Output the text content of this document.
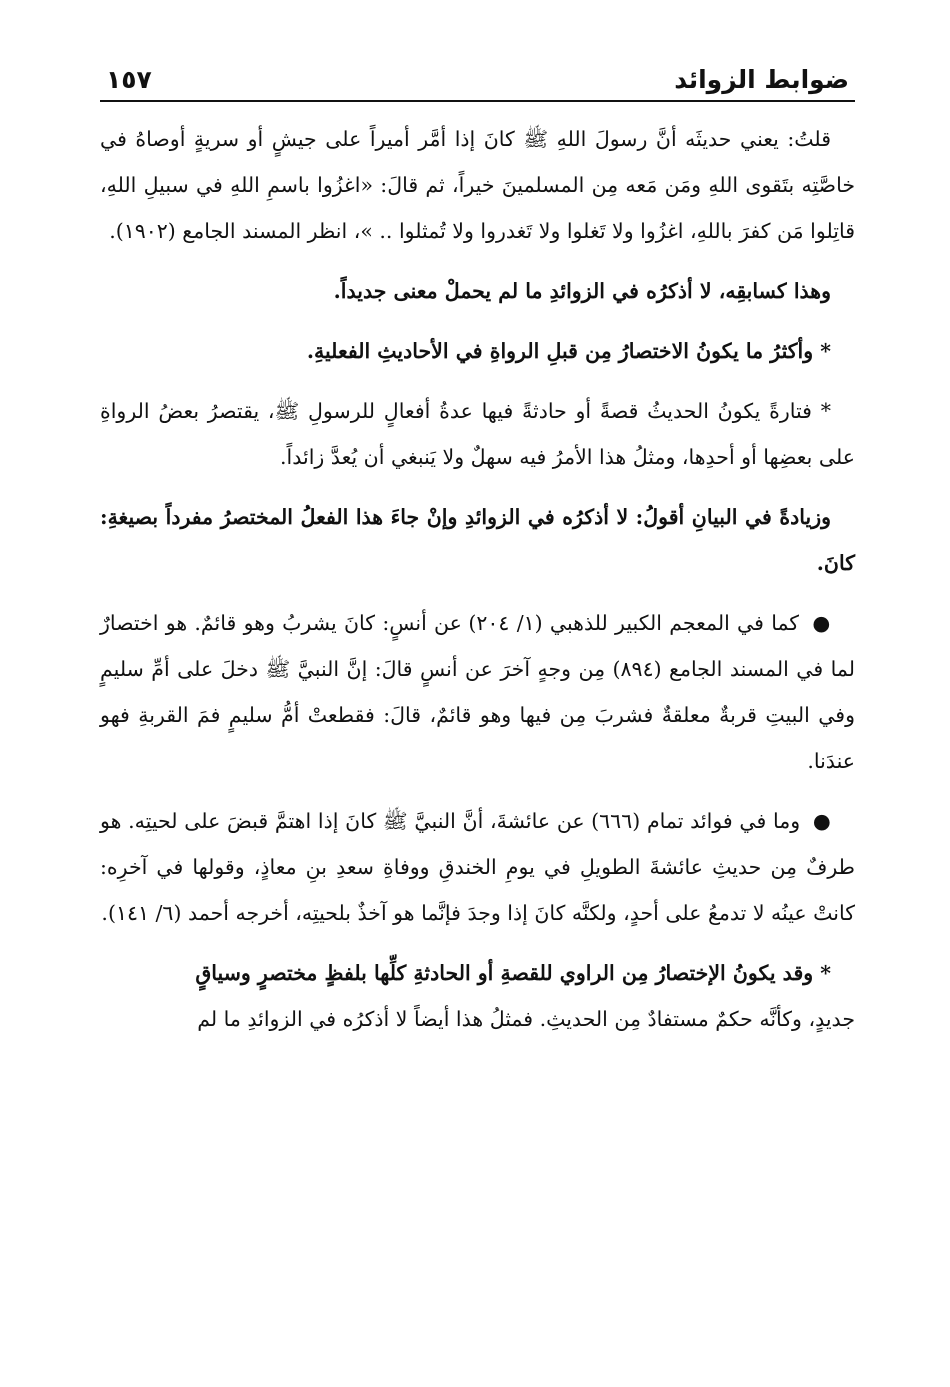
ضوابط الزوائد
١٥٧

قلتُ: يعني حديثَه أنَّ رسولَ اللهِ ﷺ كانَ إذا أمَّر أميراً على جيشٍ أو سريةٍ أوصاهُ في خاصَّتِه بتَقوى اللهِ ومَن مَعه مِن المسلمينَ خيراً، ثم قالَ: «اغزُوا باسمِ اللهِ في سبيلِ اللهِ، قاتِلوا مَن كفرَ باللهِ، اغزُوا ولا تَغلوا ولا تَغدروا ولا تُمثلوا .. »، انظر المسند الجامع (١٩٠٢).

وهذا كسابقِه، لا أذكرُه في الزوائدِ ما لم يحملْ معنى جديداً.

* وأكثرُ ما يكونُ الاختصارُ مِن قبلِ الرواةِ في الأحاديثِ الفعليةِ.

* فتارةً يكونُ الحديثُ قصةً أو حادثةً فيها عدةُ أفعالٍ للرسولِ ﷺ، يقتصرُ بعضُ الرواةِ على بعضِها أو أحدِها، ومثلُ هذا الأمرُ فيه سهلٌ ولا يَنبغي أن يُعدَّ زائداً.

وزيادةً في البيانِ أقولُ: لا أذكرُه في الزوائدِ وإنْ جاءَ هذا الفعلُ المختصرُ مفرداً بصيغةِ: كانَ.

● كما في المعجم الكبير للذهبي (١/ ٢٠٤) عن أنسٍ: كانَ يشربُ وهو قائمٌ. هو اختصارٌ لما في المسند الجامع (٨٩٤) مِن وجهٍ آخرَ عن أنسٍ قالَ: إنَّ النبيَّ ﷺ دخلَ على أمِّ سليمٍ وفي البيتِ قربةٌ معلقةٌ فشربَ مِن فيها وهو قائمٌ، قالَ: فقطعتْ أمُّ سليمٍ فمَ القربةِ فهو عندَنا.

● وما في فوائد تمام (٦٦٦) عن عائشةَ، أنَّ النبيَّ ﷺ كانَ إذا اهتمَّ قبضَ على لحيتِه. هو طرفٌ مِن حديثِ عائشةَ الطويلِ في يومِ الخندقِ ووفاةِ سعدِ بنِ معاذٍ، وقولها في آخرِه: كانتْ عينُه لا تدمعُ على أحدٍ، ولكنَّه كانَ إذا وجدَ فإنَّما هو آخذٌ بلحيتِه، أخرجه أحمد (٦/ ١٤١).

* وقد يكونُ الإختصارُ مِن الراوي للقصةِ أو الحادثةِ كلِّها بلفظٍ مختصرٍ وسياقٍ

جديدٍ، وكأنَّه حكمٌ مستفادٌ مِن الحديثِ. فمثلُ هذا أيضاً لا أذكرُه في الزوائدِ ما لم
